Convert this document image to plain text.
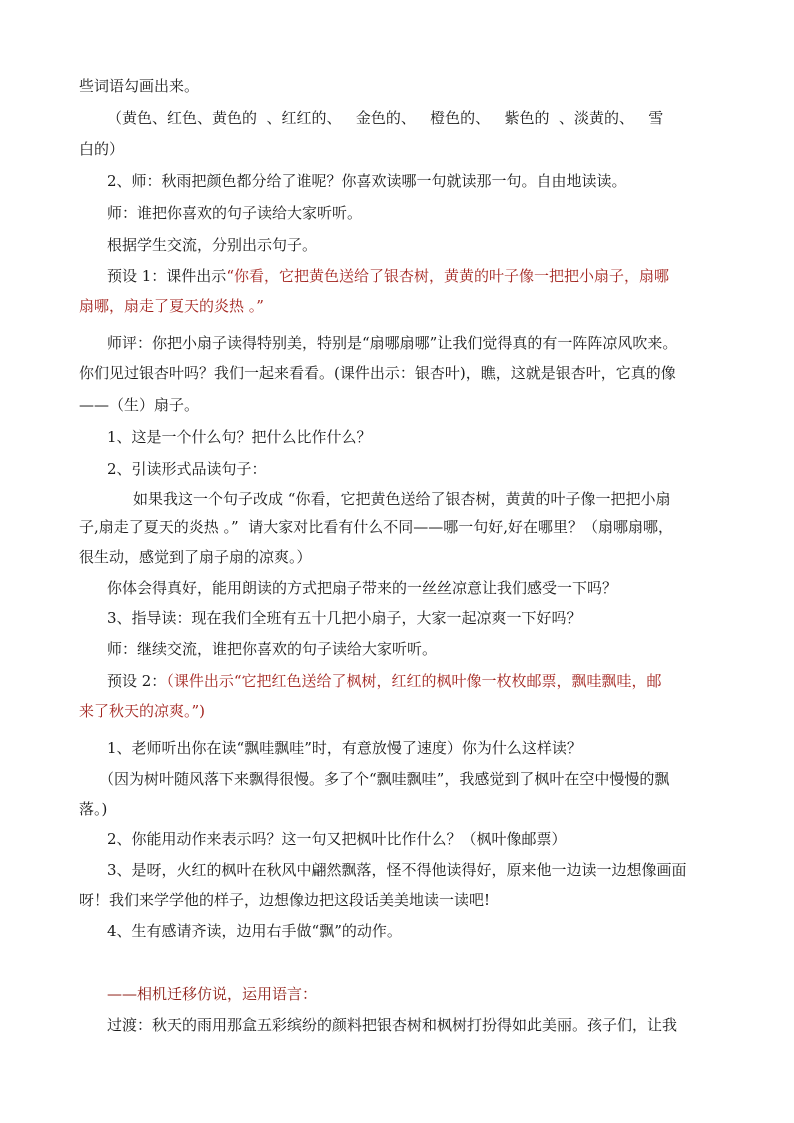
些词语勾画出来。
（黄色、红色、黄色的  、红红的、   金色的、   橙色的、   紫色的  、淡黄的、   雪
白的）
2、师：秋雨把颜色都分给了谁呢？你喜欢读哪一句就读那一句。自由地读读。
师：谁把你喜欢的句子读给大家听听。
根据学生交流，分别出示句子。
预设 1：课件出示“你看，它把黄色送给了银杏树，黄黄的叶子像一把把小扇子，扇哪
扇哪，扇走了夏天的炎热 。”
师评：你把小扇子读得特别美，特别是“扇哪扇哪”让我们觉得真的有一阵阵凉风吹来。
你们见过银杏叶吗？我们一起来看看。(课件出示：银杏叶)，瞧，这就是银杏叶，它真的像
——（生）扇子。
1、这是一个什么句？把什么比作什么？
2、引读形式品读句子：
如果我这一个句子改成 “你看，它把黄色送给了银杏树，黄黄的叶子像一把把小扇
子,扇走了夏天的炎热 。”  请大家对比看有什么不同——哪一句好,好在哪里？（扇哪扇哪，
很生动，感觉到了扇子扇的凉爽。）
你体会得真好，能用朗读的方式把扇子带来的一丝丝凉意让我们感受一下吗？
3、指导读：现在我们全班有五十几把小扇子，大家一起凉爽一下好吗？
师：继续交流，谁把你喜欢的句子读给大家听听。
预设 2：（课件出示“它把红色送给了枫树，红红的枫叶像一枚枚邮票，飘哇飘哇，邮
来了秋天的凉爽。”)
1、老师听出你在读“飘哇飘哇”时，有意放慢了速度）你为什么这样读？
（因为树叶随风落下来飘得很慢。多了个“飘哇飘哇”，我感觉到了枫叶在空中慢慢的飘
落。)
2、你能用动作来表示吗？这一句又把枫叶比作什么？（枫叶像邮票）
3、是呀，火红的枫叶在秋风中翩然飘落，怪不得他读得好，原来他一边读一边想像画面
呀！我们来学学他的样子，边想像边把这段话美美地读一读吧!
4、生有感请齐读，边用右手做“飘”的动作。
——相机迁移仿说，运用语言：
过渡：秋天的雨用那盒五彩缤纷的颜料把银杏树和枫树打扮得如此美丽。孩子们，让我
